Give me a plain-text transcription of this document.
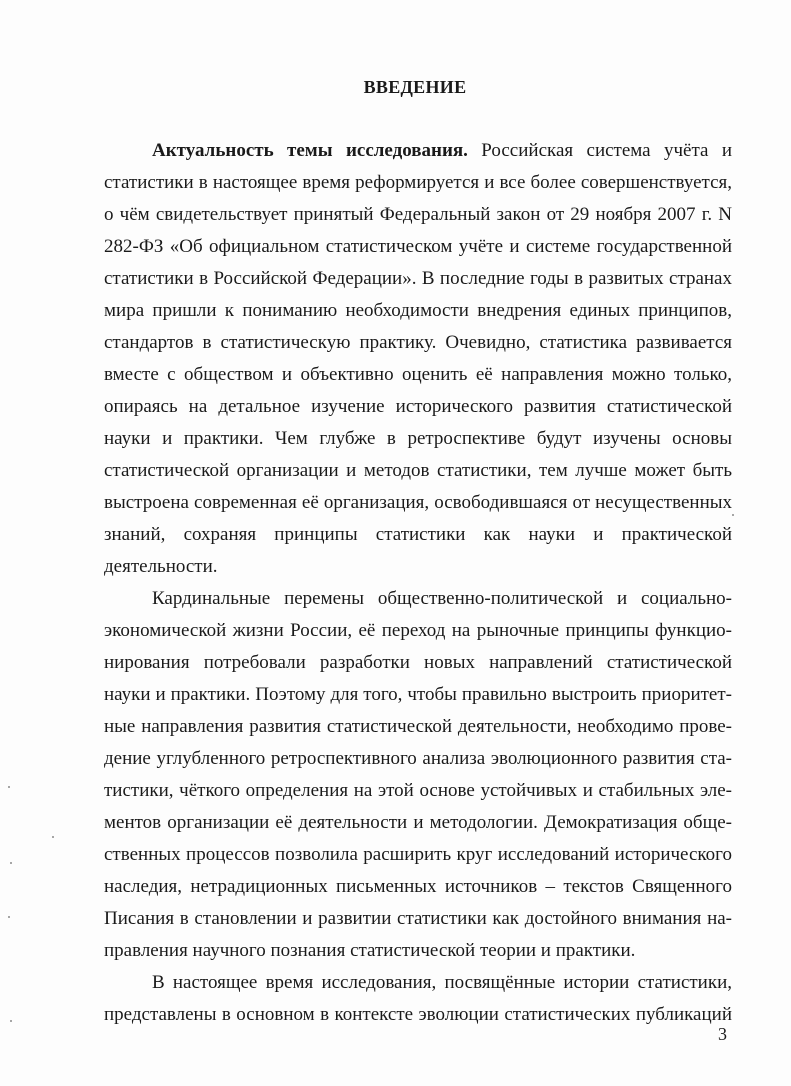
ВВЕДЕНИЕ
Актуальность темы исследования. Российская система учёта и
статистики в настоящее время реформируется и все более совершенствуется,
о чём свидетельствует принятый Федеральный закон от 29 ноября 2007 г. N
282-ФЗ «Об официальном статистическом учёте и системе государственной
статистики в Российской Федерации». В последние годы в развитых странах
мира пришли к пониманию необходимости внедрения единых принципов,
стандартов в статистическую практику. Очевидно, статистика развивается
вместе с обществом и объективно оценить её направления можно только,
опираясь на детальное изучение исторического развития статистической
науки и практики. Чем глубже в ретроспективе будут изучены основы
статистической организации и методов статистики, тем лучше может быть
выстроена современная её организация, освободившаяся от несущественных
знаний, сохраняя принципы статистики как науки и практической
деятельности.
Кардинальные перемены общественно-политической и социально-
экономической жизни России, её переход на рыночные принципы функцио-
нирования потребовали разработки новых направлений статистической
науки и практики. Поэтому для того, чтобы правильно выстроить приоритет-
ные направления развития статистической деятельности, необходимо прове-
дение углубленного ретроспективного анализа эволюционного развития ста-
тистики, чёткого определения на этой основе устойчивых и стабильных эле-
ментов организации её деятельности и методологии. Демократизация обще-
ственных процессов позволила расширить круг исследований исторического
наследия, нетрадиционных письменных источников – текстов Священного
Писания в становлении и развитии статистики как достойного внимания на-
правления научного познания статистической теории и практики.
В настоящее время исследования, посвящённые истории статистики,
представлены в основном в контексте эволюции статистических публикаций
3
